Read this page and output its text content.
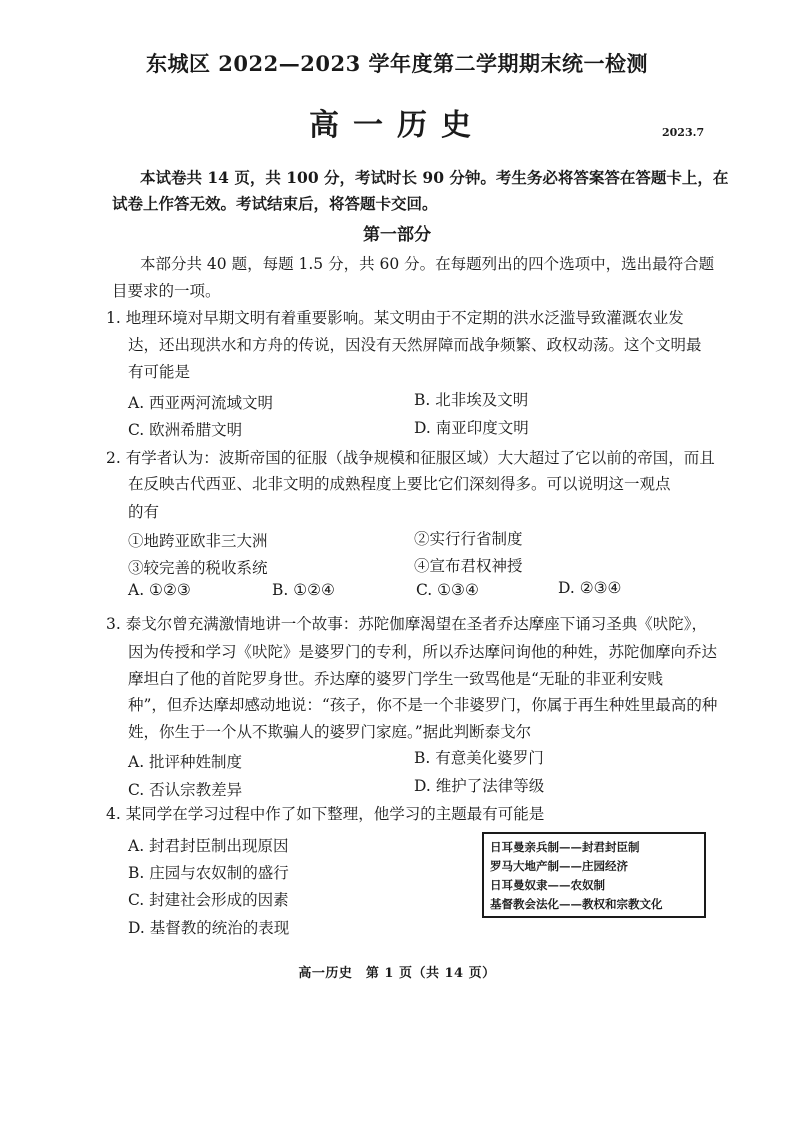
东城区 2022—2023 学年度第二学期期末统一检测
高一历史	2023.7
本试卷共 14 页，共 100 分，考试时长 90 分钟。考生务必将答案答在答题卡上，在
试卷上作答无效。考试结束后，将答题卡交回。
第一部分
本部分共 40 题，每题 1.5 分，共 60 分。在每题列出的四个选项中，选出最符合题
目要求的一项。
1. 地理环境对早期文明有着重要影响。某文明由于不定期的洪水泛滥导致灌溉农业发
达，还出现洪水和方舟的传说，因没有天然屏障而战争频繁、政权动荡。这个文明最
有可能是
A. 西亚两河流域文明	B. 北非埃及文明
C. 欧洲希腊文明	D. 南亚印度文明
2. 有学者认为：波斯帝国的征服（战争规模和征服区域）大大超过了它以前的帝国，而且
在反映古代西亚、北非文明的成熟程度上要比它们深刻得多。可以说明这一观点
的有
①地跨亚欧非三大洲	②实行行省制度
③较完善的税收系统	④宣布君权神授
A. ①②③	B. ①②④	C. ①③④	D. ②③④
3. 泰戈尔曾充满激情地讲一个故事：苏陀伽摩渴望在圣者乔达摩座下诵习圣典《吠陀》，
因为传授和学习《吠陀》是婆罗门的专利，所以乔达摩问询他的种姓，苏陀伽摩向乔达
摩坦白了他的首陀罗身世。乔达摩的婆罗门学生一致骂他是“无耻的非亚利安贱
种”，但乔达摩却感动地说：“孩子，你不是一个非婆罗门，你属于再生种姓里最高的种
姓，你生于一个从不欺骗人的婆罗门家庭。”据此判断泰戈尔
A. 批评种姓制度	B. 有意美化婆罗门
C. 否认宗教差异	D. 维护了法律等级
4. 某同学在学习过程中作了如下整理，他学习的主题最有可能是
A. 封君封臣制出现原因
B. 庄园与农奴制的盛行
C. 封建社会形成的因素
D. 基督教的统治的表现
日耳曼亲兵制——封君封臣制
罗马大地产制——庄园经济
日耳曼奴隶——农奴制
基督教会法化——教权和宗教文化
高一历史　第 1 页（共 14 页）
